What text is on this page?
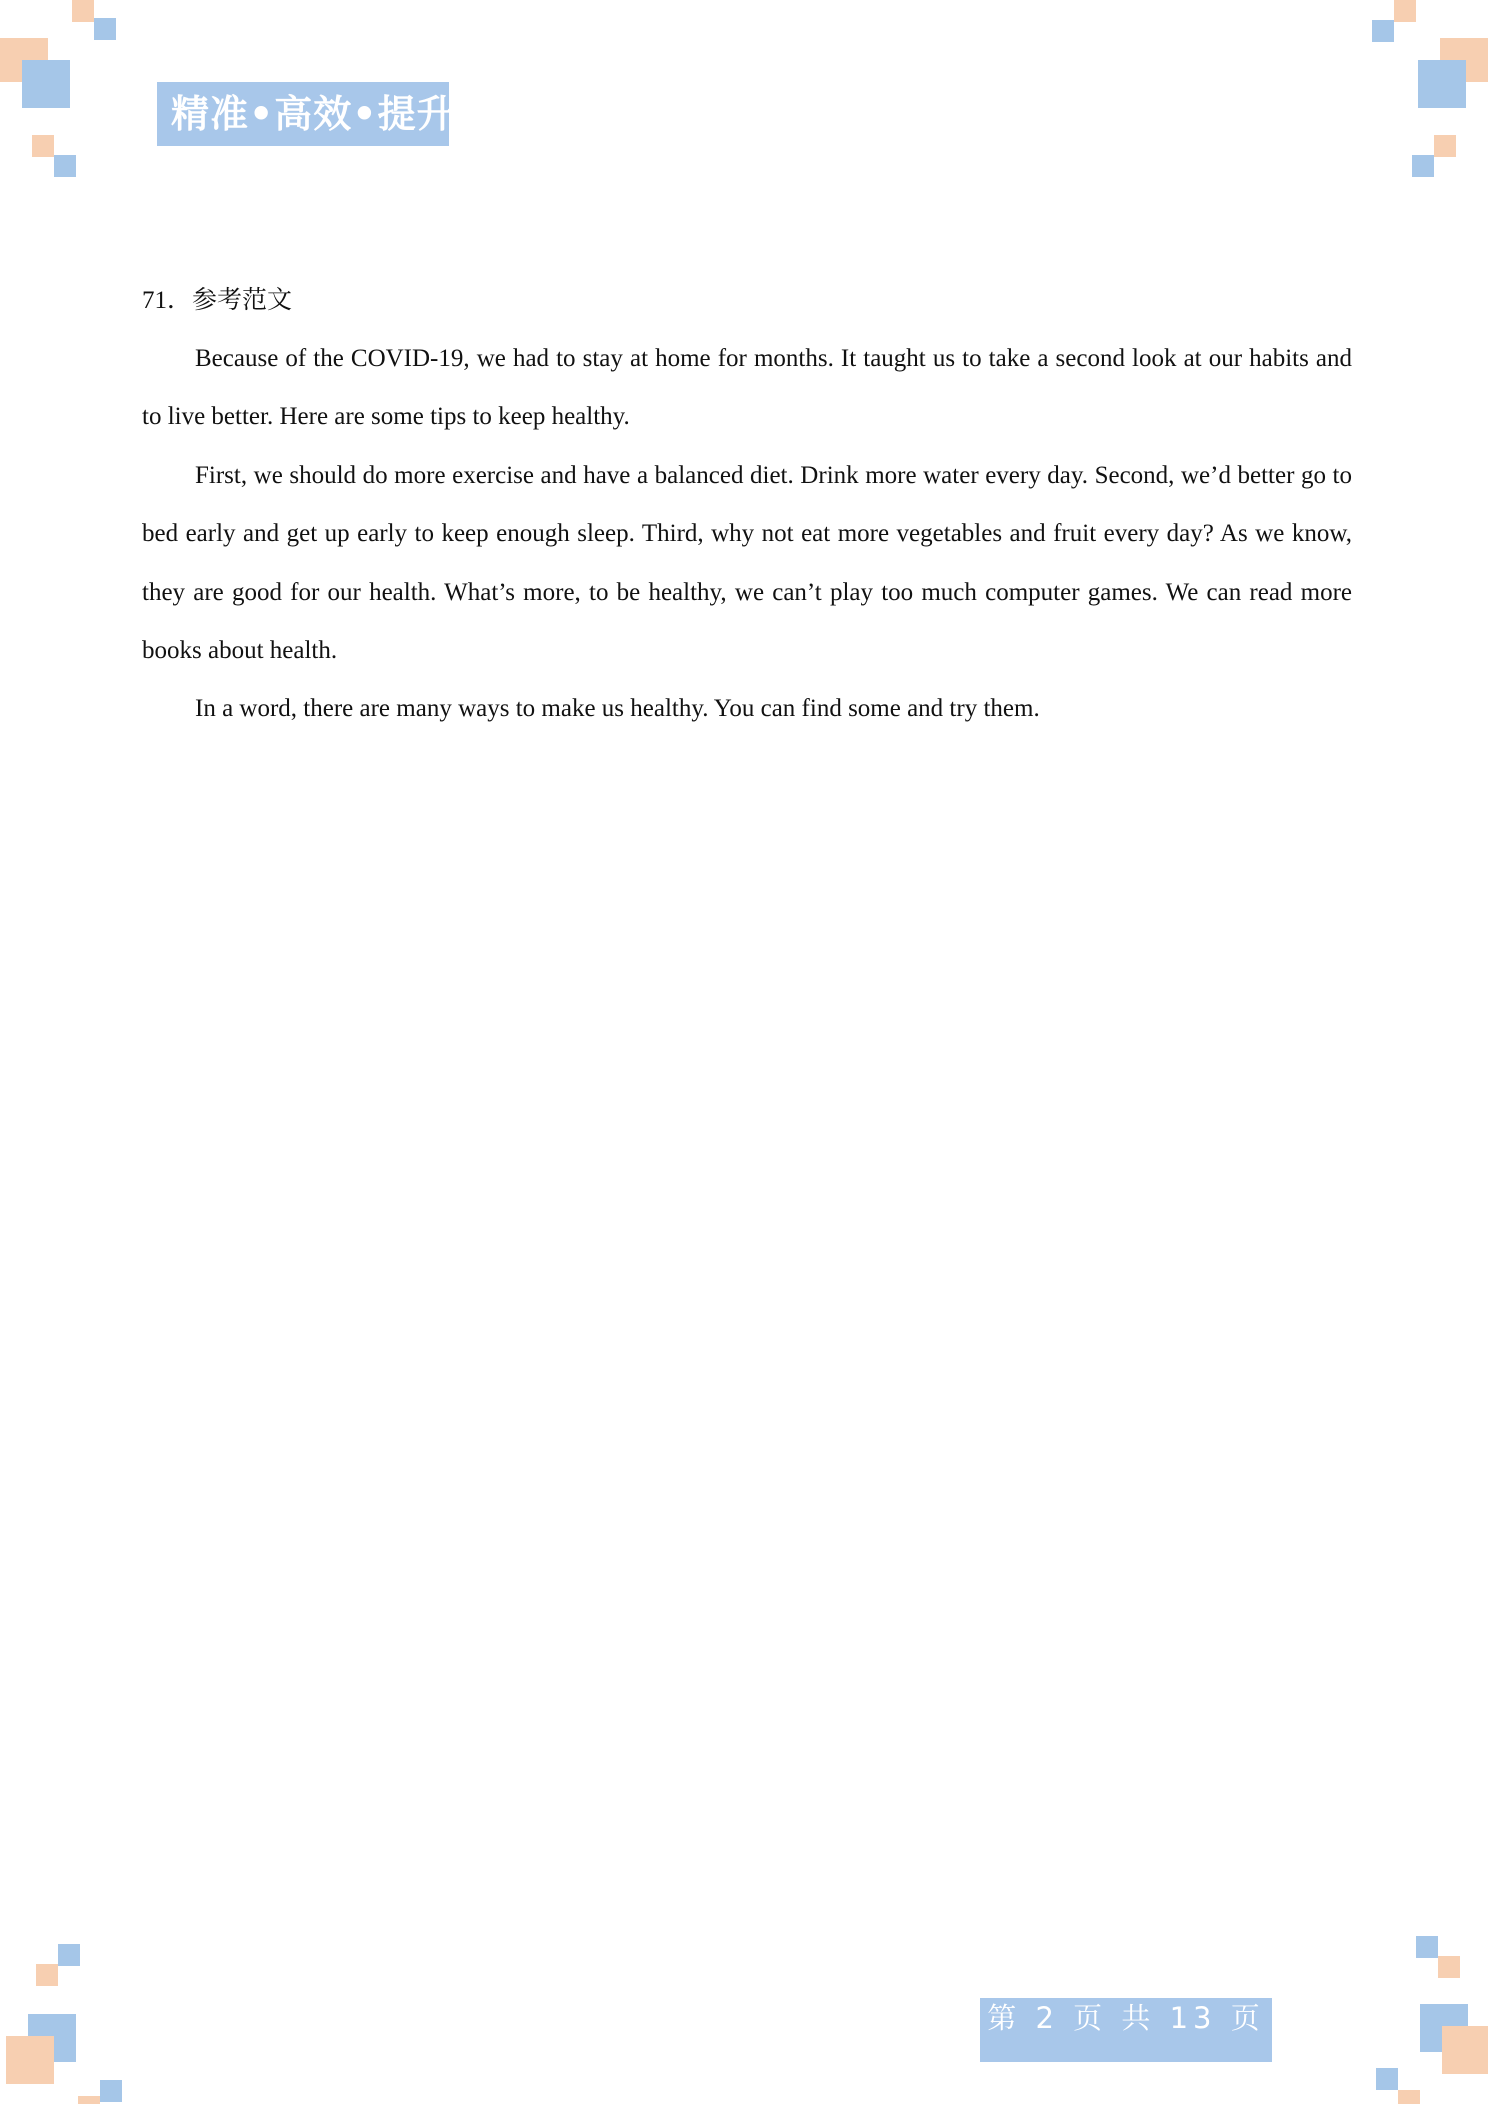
精准•高效•提升

71．参考范文

Because of the COVID-19, we had to stay at home for months. It taught us to take a second look at our habits and to live better. Here are some tips to keep healthy.

First, we should do more exercise and have a balanced diet. Drink more water every day. Second, we’d better go to bed early and get up early to keep enough sleep. Third, why not eat more vegetables and fruit every day? As we know, they are good for our health. What’s more, to be healthy, we can’t play too much computer games. We can read more books about health.

In a word, there are many ways to make us healthy. You can find some and try them.

第 2 页 共 13 页
